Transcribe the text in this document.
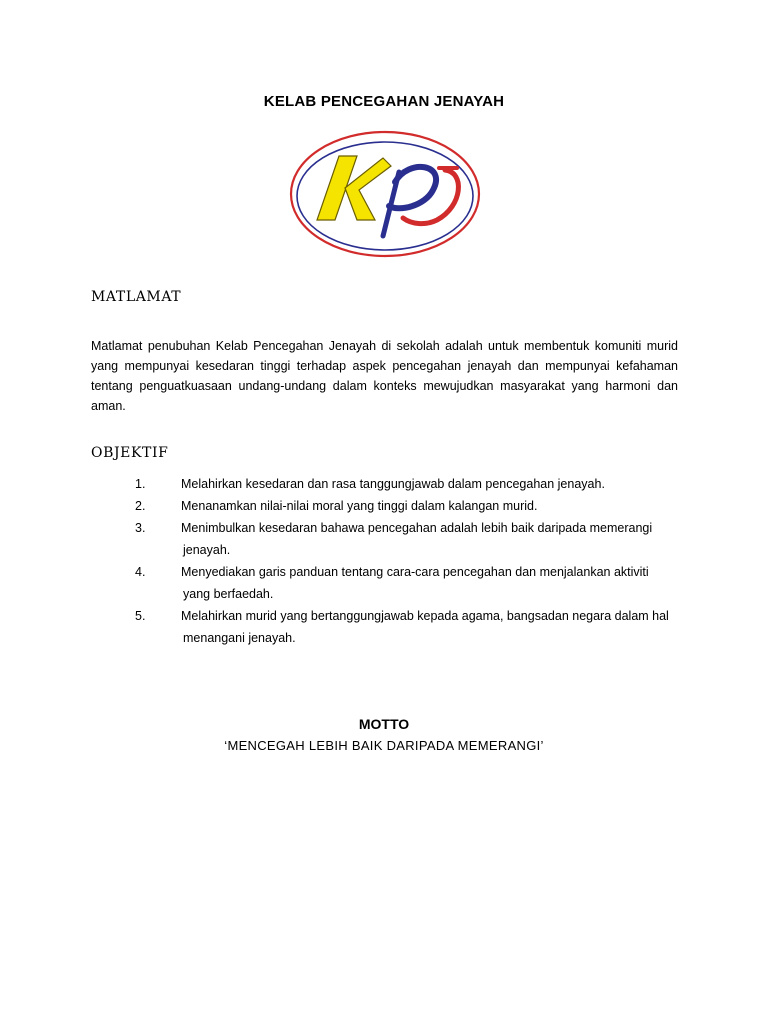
KELAB PENCEGAHAN JENAYAH
MATLAMAT

Matlamat penubuhan Kelab Pencegahan Jenayah di sekolah adalah untuk membentuk komuniti murid yang mempunyai kesedaran tinggi terhadap aspek pencegahan jenayah dan mempunyai kefahaman tentang penguatkuasaan undang-undang dalam konteks mewujudkan masyarakat yang harmoni dan aman.

OBJEKTIF
1.	Melahirkan kesedaran dan rasa tanggungjawab dalam pencegahan jenayah.
2.	Menanamkan nilai-nilai moral yang tinggi dalam kalangan murid.
3.	Menimbulkan kesedaran bahawa pencegahan adalah lebih baik daripada memerangi
jenayah.
4.	Menyediakan garis panduan tentang cara-cara pencegahan dan menjalankan aktiviti
yang berfaedah.
5.	Melahirkan murid yang bertanggungjawab kepada agama, bangsadan negara dalam hal
menangani jenayah.
MOTTO
‘MENCEGAH LEBIH BAIK DARIPADA MEMERANGI’
